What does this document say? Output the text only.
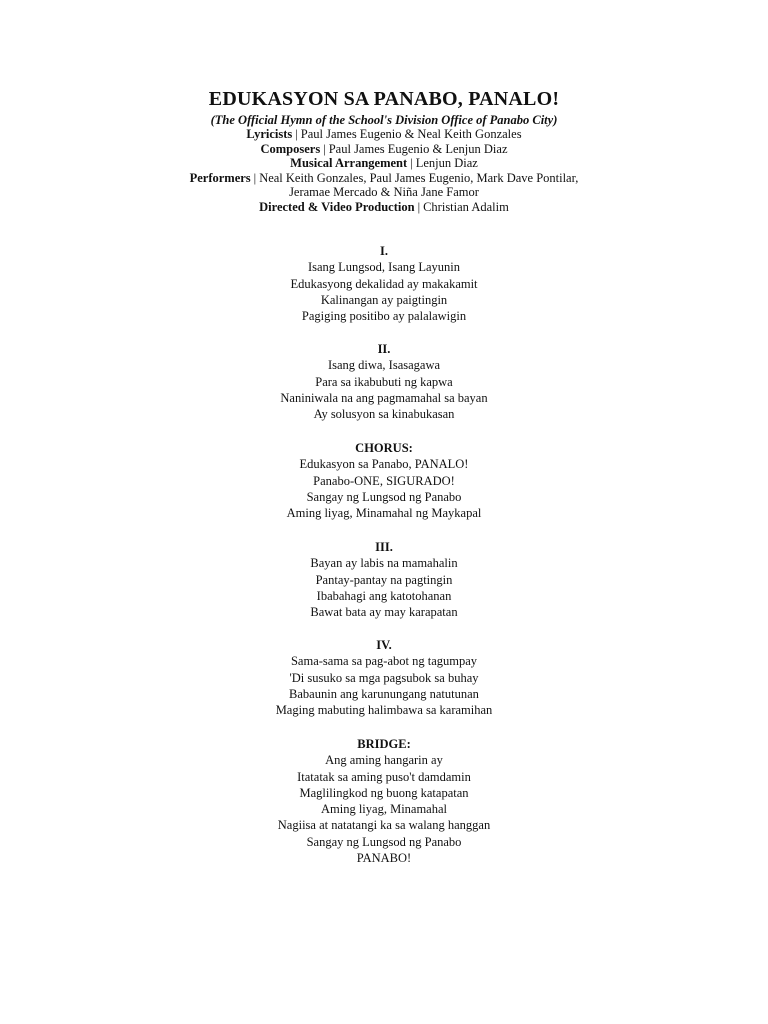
EDUKASYON SA PANABO, PANALO!
(The Official Hymn of the School's Division Office of Panabo City)
Lyricists | Paul James Eugenio & Neal Keith Gonzales
Composers | Paul James Eugenio & Lenjun Diaz
Musical Arrangement | Lenjun Diaz
Performers | Neal Keith Gonzales, Paul James Eugenio, Mark Dave Pontilar,
Jeramae Mercado & Niña Jane Famor
Directed & Video Production | Christian Adalim
I.
Isang Lungsod, Isang Layunin
Edukasyong dekalidad ay makakamit
Kalinangan ay paigtingin
Pagiging positibo ay palalawigin
II.
Isang diwa, Isasagawa
Para sa ikabubuti ng kapwa
Naniniwala na ang pagmamahal sa bayan
Ay solusyon sa kinabukasan
CHORUS:
Edukasyon sa Panabo, PANALO!
Panabo-ONE, SIGURADO!
Sangay ng Lungsod ng Panabo
Aming liyag, Minamahal ng Maykapal
III.
Bayan ay labis na mamahalin
Pantay-pantay na pagtingin
Ibabahagi ang katotohanan
Bawat bata ay may karapatan
IV.
Sama-sama sa pag-abot ng tagumpay
'Di susuko sa mga pagsubok sa buhay
Babaunin ang karunungang natutunan
Maging mabuting halimbawa sa karamihan
BRIDGE:
Ang aming hangarin ay
Itatatak sa aming puso't damdamin
Maglilingkod ng buong katapatan
Aming liyag, Minamahal
Nagiisa at natatangi ka sa walang hanggan
Sangay ng Lungsod ng Panabo
PANABO!
